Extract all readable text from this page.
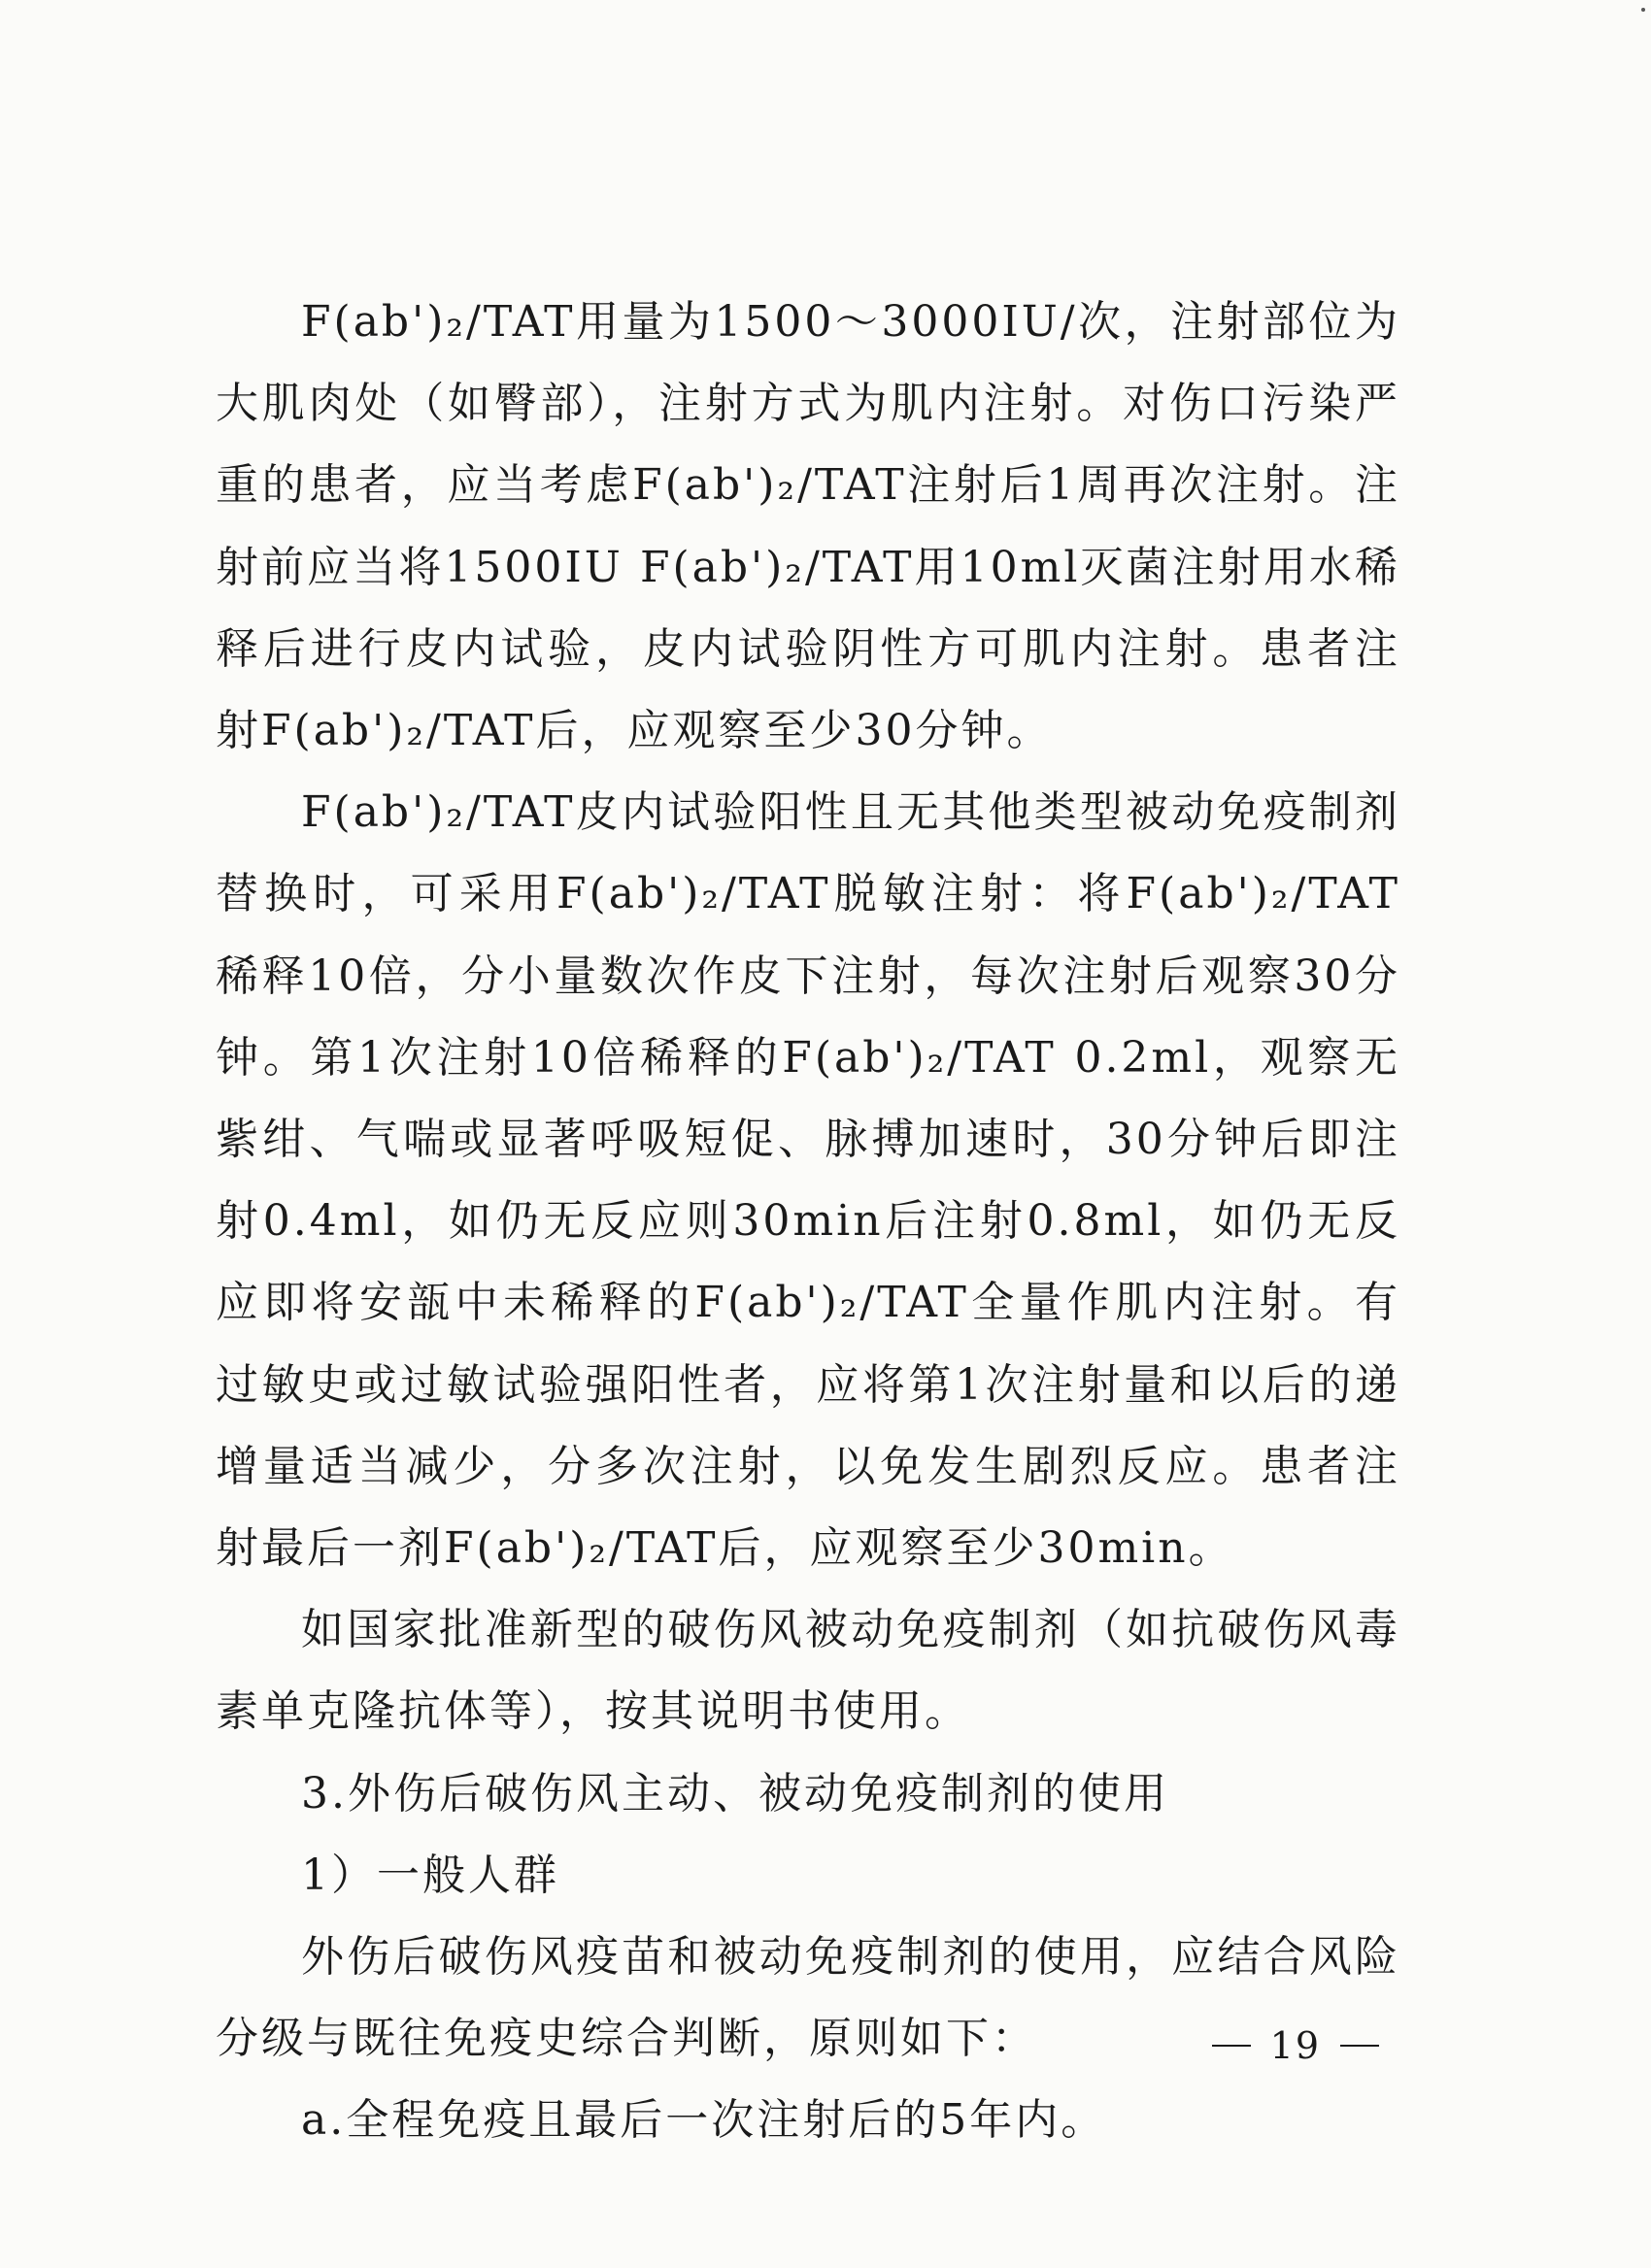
F(ab')₂/TAT用量为1500～3000IU/次，注射部位为大肌肉处（如臀部），注射方式为肌内注射。对伤口污染严重的患者，应当考虑F(ab')₂/TAT注射后1周再次注射。注射前应当将1500IU F(ab')₂/TAT用10ml灭菌注射用水稀释后进行皮内试验，皮内试验阴性方可肌内注射。患者注射F(ab')₂/TAT后，应观察至少30分钟。

F(ab')₂/TAT皮内试验阳性且无其他类型被动免疫制剂替换时，可采用F(ab')₂/TAT脱敏注射：将F(ab')₂/TAT稀释10倍，分小量数次作皮下注射，每次注射后观察30分钟。第1次注射10倍稀释的F(ab')₂/TAT 0.2ml，观察无紫绀、气喘或显著呼吸短促、脉搏加速时，30分钟后即注射0.4ml，如仍无反应则30min后注射0.8ml，如仍无反应即将安瓿中未稀释的F(ab')₂/TAT全量作肌内注射。有过敏史或过敏试验强阳性者，应将第1次注射量和以后的递增量适当减少，分多次注射，以免发生剧烈反应。患者注射最后一剂F(ab')₂/TAT后，应观察至少30min。

如国家批准新型的破伤风被动免疫制剂（如抗破伤风毒素单克隆抗体等），按其说明书使用。

3.外伤后破伤风主动、被动免疫制剂的使用

1）一般人群

外伤后破伤风疫苗和被动免疫制剂的使用，应结合风险分级与既往免疫史综合判断，原则如下：

a.全程免疫且最后一次注射后的5年内。

19
